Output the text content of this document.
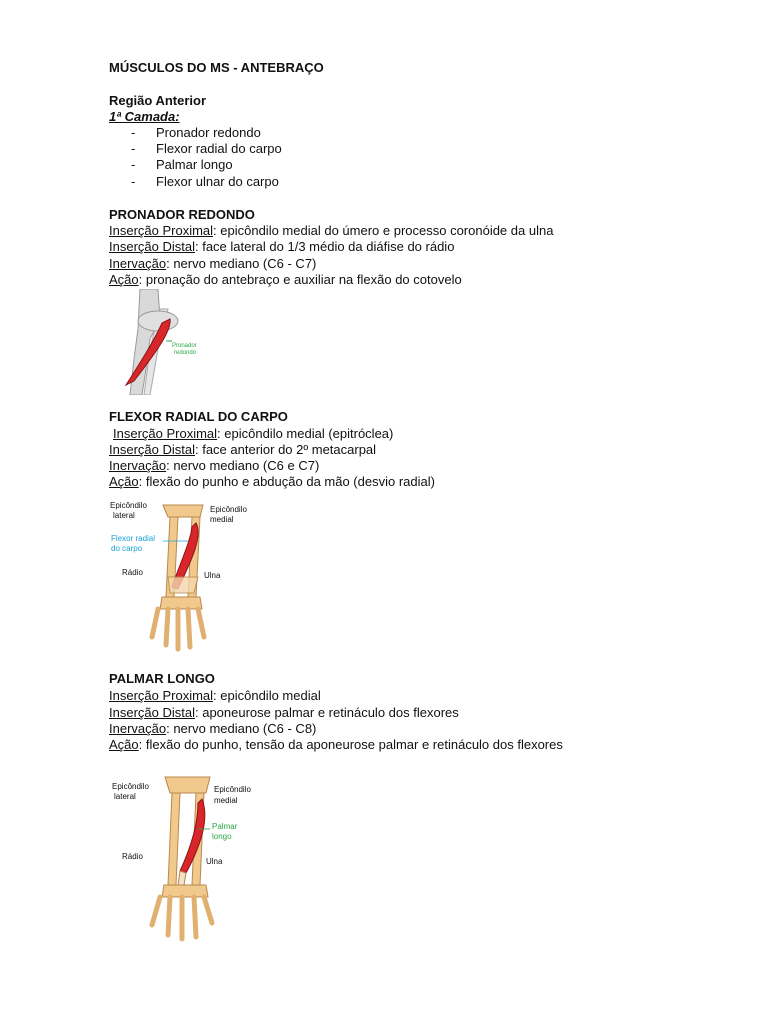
MÚSCULOS DO MS - ANTEBRAÇO
Região Anterior
1ª Camada:
- Pronador redondo
- Flexor radial do carpo
- Palmar longo
- Flexor ulnar do carpo
PRONADOR REDONDO
Inserção Proximal: epicôndilo medial do úmero e processo coronóide da ulna
Inserção Distal: face lateral do 1/3 médio da diáfise do rádio
Inervação: nervo mediano (C6 - C7)
Ação: pronação do antebraço e auxiliar na flexão do cotovelo
Pronador
redondo
FLEXOR RADIAL DO CARPO
Inserção Proximal: epicôndilo medial (epitróclea)
Inserção Distal: face anterior do 2º metacarpal
Inervação: nervo mediano (C6 e C7)
Ação: flexão do punho e abdução da mão (desvio radial)
Epicôndilo
lateral
Epicôndilo
medial
Flexor radial
do carpo
Rádio	Ulna
PALMAR LONGO
Inserção Proximal: epicôndilo medial
Inserção Distal: aponeurose palmar e retináculo dos flexores
Inervação: nervo mediano (C6 - C8)
Ação: flexão do punho, tensão da aponeurose palmar e retináculo dos flexores
Epicôndilo
lateral
Epicôndilo
medial
Palmar
longo
Rádio
Ulna
